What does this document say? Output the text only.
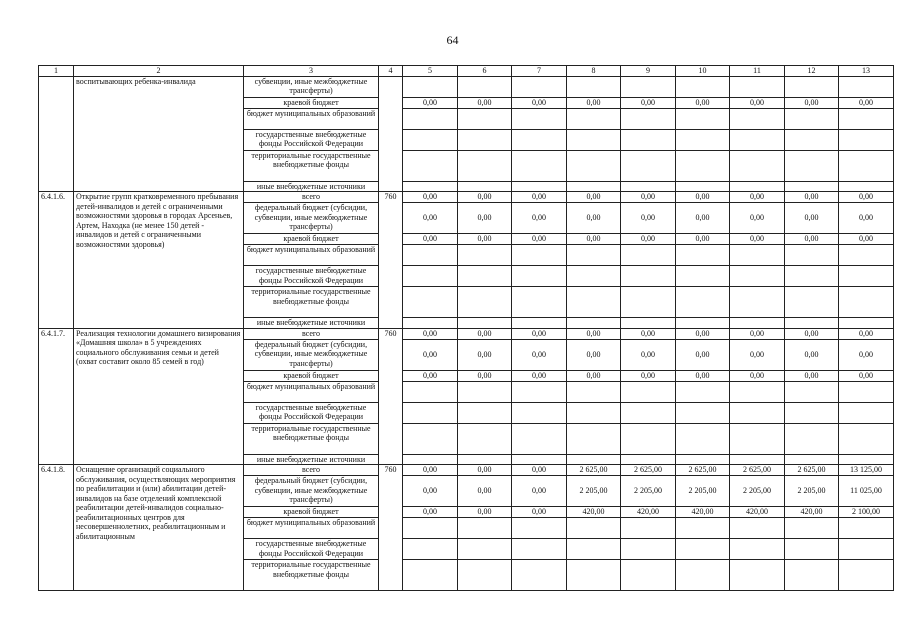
64
1	2	3	4	5	6	7	8	9	10	11	12	13
	воспитывающих ребенка-инвалида	субвенции, иные межбюджетные трансферты)										
		краевой бюджет		0,00	0,00	0,00	0,00	0,00	0,00	0,00	0,00	0,00
		бюджет муниципальных образований										
		государственные внебюджетные фонды Российской Федерации										
		территориальные государственные внебюджетные фонды										
		иные внебюджетные источники										
6.4.1.6.	Открытие групп кратковременного пребывания детей-инвалидов и детей с ограниченными возможностями здоровья в городах Арсеньев, Артем, Находка (не менее 150 детей - инвалидов и детей с ограниченными возможностями здоровья)	всего	760	0,00	0,00	0,00	0,00	0,00	0,00	0,00	0,00	0,00
		федеральный бюджет (субсидии, субвенции, иные межбюджетные трансферты)		0,00	0,00	0,00	0,00	0,00	0,00	0,00	0,00	0,00
		краевой бюджет		0,00	0,00	0,00	0,00	0,00	0,00	0,00	0,00	0,00
		бюджет муниципальных образований										
		государственные внебюджетные фонды Российской Федерации										
		территориальные государственные внебюджетные фонды										
		иные внебюджетные источники										
6.4.1.7.	Реализация технологии домашнего визирования «Домашняя школа» в 5 учреждениях социального обслуживания семьи и детей (охват составит около 85 семей в год)	всего	760	0,00	0,00	0,00	0,00	0,00	0,00	0,00	0,00	0,00
		федеральный бюджет (субсидии, субвенции, иные межбюджетные трансферты)		0,00	0,00	0,00	0,00	0,00	0,00	0,00	0,00	0,00
		краевой бюджет		0,00	0,00	0,00	0,00	0,00	0,00	0,00	0,00	0,00
		бюджет муниципальных образований										
		государственные внебюджетные фонды Российской Федерации										
		территориальные государственные внебюджетные фонды										
		иные внебюджетные источники										
6.4.1.8.	Оснащение организаций социального обслуживания, осуществляющих мероприятия по реабилитации и (или) абилитации детей-инвалидов на базе отделений комплексной реабилитации детей-инвалидов социально-реабилитационных центров для несовершеннолетних, реабилитационным и абилитационным	всего	760	0,00	0,00	0,00	2 625,00	2 625,00	2 625,00	2 625,00	2 625,00	13 125,00
		федеральный бюджет (субсидии, субвенции, иные межбюджетные трансферты)		0,00	0,00	0,00	2 205,00	2 205,00	2 205,00	2 205,00	2 205,00	11 025,00
		краевой бюджет		0,00	0,00	0,00	420,00	420,00	420,00	420,00	420,00	2 100,00
		бюджет муниципальных образований										
		государственные внебюджетные фонды Российской Федерации										
		территориальные государственные внебюджетные фонды										
